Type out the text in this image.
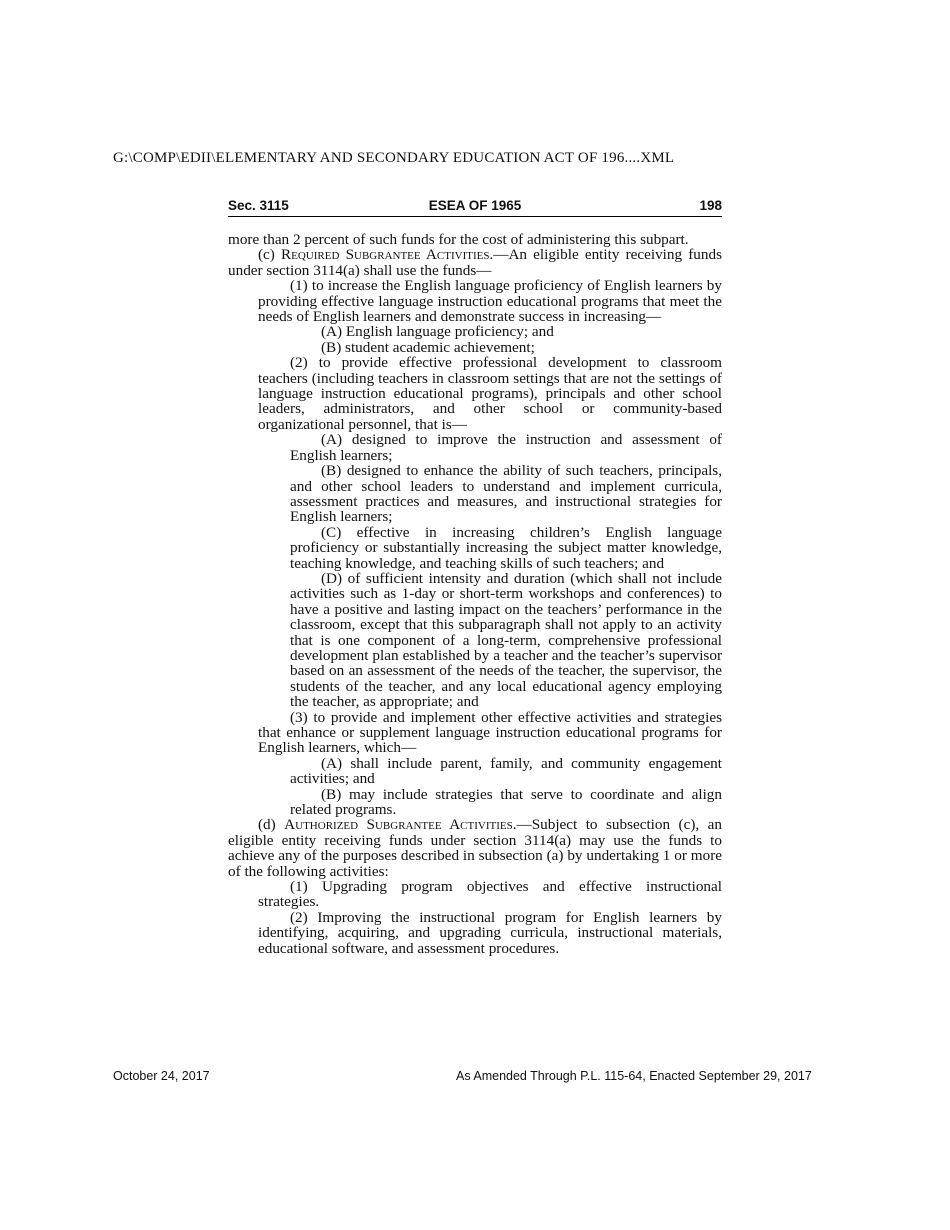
G:\COMP\EDII\ELEMENTARY AND SECONDARY EDUCATION ACT OF 196....XML
Sec. 3115	ESEA OF 1965	198
more than 2 percent of such funds for the cost of administering this subpart.
(c) Required Subgrantee Activities.—An eligible entity receiving funds under section 3114(a) shall use the funds—
(1) to increase the English language proficiency of English learners by providing effective language instruction educational programs that meet the needs of English learners and demonstrate success in increasing—
(A) English language proficiency; and
(B) student academic achievement;
(2) to provide effective professional development to classroom teachers (including teachers in classroom settings that are not the settings of language instruction educational programs), principals and other school leaders, administrators, and other school or community-based organizational personnel, that is—
(A) designed to improve the instruction and assessment of English learners;
(B) designed to enhance the ability of such teachers, principals, and other school leaders to understand and implement curricula, assessment practices and measures, and instructional strategies for English learners;
(C) effective in increasing children’s English language proficiency or substantially increasing the subject matter knowledge, teaching knowledge, and teaching skills of such teachers; and
(D) of sufficient intensity and duration (which shall not include activities such as 1-day or short-term workshops and conferences) to have a positive and lasting impact on the teachers’ performance in the classroom, except that this subparagraph shall not apply to an activity that is one component of a long-term, comprehensive professional development plan established by a teacher and the teacher’s supervisor based on an assessment of the needs of the teacher, the supervisor, the students of the teacher, and any local educational agency employing the teacher, as appropriate; and
(3) to provide and implement other effective activities and strategies that enhance or supplement language instruction educational programs for English learners, which—
(A) shall include parent, family, and community engagement activities; and
(B) may include strategies that serve to coordinate and align related programs.
(d) Authorized Subgrantee Activities.—Subject to subsection (c), an eligible entity receiving funds under section 3114(a) may use the funds to achieve any of the purposes described in subsection (a) by undertaking 1 or more of the following activities:
(1) Upgrading program objectives and effective instructional strategies.
(2) Improving the instructional program for English learners by identifying, acquiring, and upgrading curricula, instructional materials, educational software, and assessment procedures.
October 24, 2017	As Amended Through P.L. 115-64, Enacted September 29, 2017
